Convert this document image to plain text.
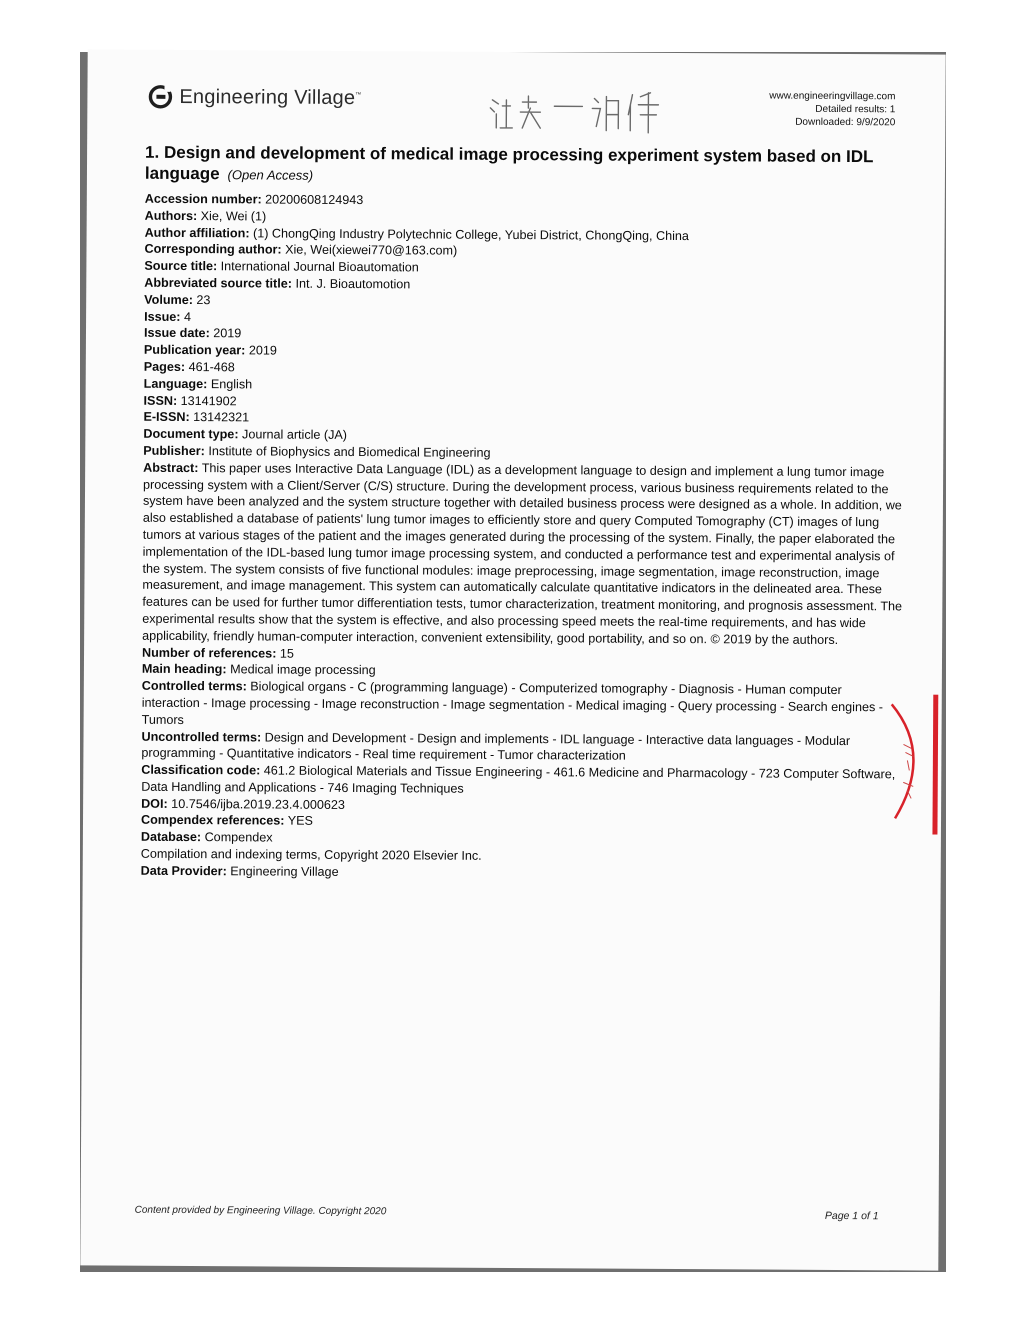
Engineering Village™	www.engineeringvillage.com
Detailed results: 1
Downloaded: 9/9/2020
1. Design and development of medical image processing experiment system based on IDL language (Open Access)

Accession number: 20200608124943

Authors: Xie, Wei (1)

Author affiliation: (1) ChongQing Industry Polytechnic College, Yubei District, ChongQing, China

Corresponding author: Xie, Wei(xiewei770@163.com)

Source title: International Journal Bioautomation

Abbreviated source title: Int. J. Bioautomotion

Volume: 23

Issue: 4

Issue date: 2019

Publication year: 2019

Pages: 461-468

Language: English

ISSN: 13141902

E-ISSN: 13142321

Document type: Journal article (JA)

Publisher: Institute of Biophysics and Biomedical Engineering

Abstract: This paper uses Interactive Data Language (IDL) as a development language to design and implement a lung tumor image processing system with a Client/Server (C/S) structure. During the development process, various business requirements related to the system have been analyzed and the system structure together with detailed business process were designed as a whole. In addition, we also established a database of patients' lung tumor images to efficiently store and query Computed Tomography (CT) images of lung tumors at various stages of the patient and the images generated during the processing of the system. Finally, the paper elaborated the implementation of the IDL-based lung tumor image processing system, and conducted a performance test and experimental analysis of the system. The system consists of five functional modules: image preprocessing, image segmentation, image reconstruction, image measurement, and image management. This system can automatically calculate quantitative indicators in the delineated area. These features can be used for further tumor differentiation tests, tumor characterization, treatment monitoring, and prognosis assessment. The experimental results show that the system is effective, and also processing speed meets the real-time requirements, and has wide applicability, friendly human-computer interaction, convenient extensibility, good portability, and so on. © 2019 by the authors.

Number of references: 15

Main heading: Medical image processing

Controlled terms: Biological organs - C (programming language) - Computerized tomography - Diagnosis - Human computer interaction - Image processing - Image reconstruction - Image segmentation - Medical imaging - Query processing - Search engines - Tumors

Uncontrolled terms: Design and Development - Design and implements - IDL language - Interactive data languages - Modular programming - Quantitative indicators - Real time requirement - Tumor characterization

Classification code: 461.2 Biological Materials and Tissue Engineering - 461.6 Medicine and Pharmacology - 723 Computer Software, Data Handling and Applications - 746 Imaging Techniques

DOI: 10.7546/ijba.2019.23.4.000623

Compendex references: YES

Database: Compendex

Compilation and indexing terms, Copyright 2020 Elsevier Inc.

Data Provider: Engineering Village

Content provided by Engineering Village. Copyright 2020	Page 1 of 1
